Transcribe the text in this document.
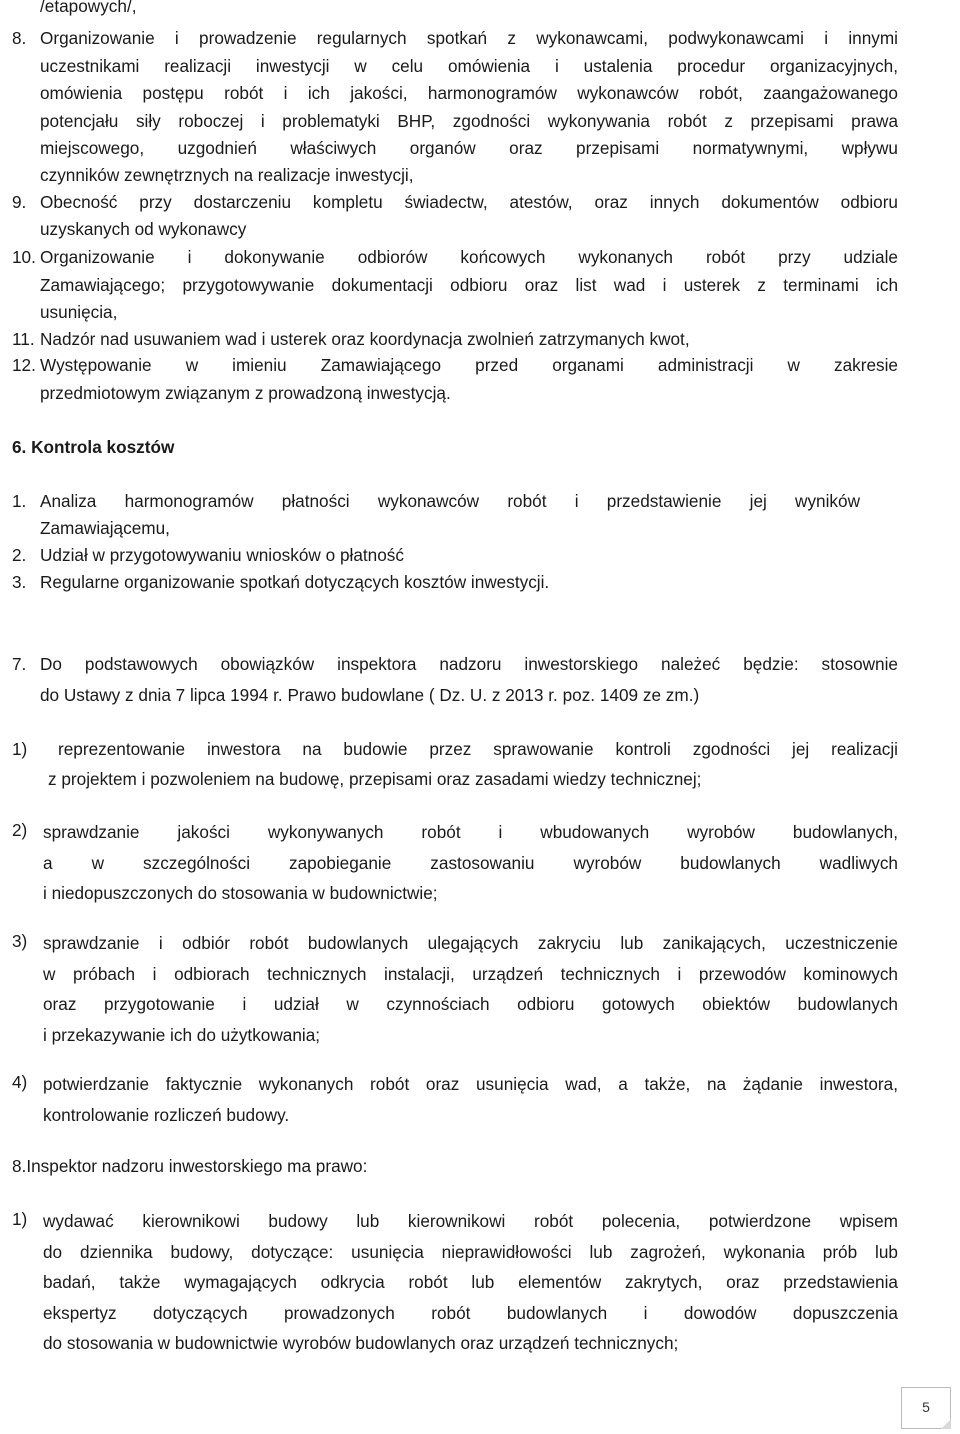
/etapowych/,
8. Organizowanie i prowadzenie regularnych spotkań z wykonawcami, podwykonawcami i innymi
uczestnikami realizacji inwestycji w celu omówienia i ustalenia procedur organizacyjnych,
omówienia postępu robót i ich jakości, harmonogramów wykonawców robót, zaangażowanego
potencjału siły roboczej i problematyki BHP, zgodności wykonywania robót z przepisami prawa
miejscowego, uzgodnień właściwych organów oraz przepisami normatywnymi, wpływu
czynników zewnętrznych na realizacje inwestycji,
9. Obecność przy dostarczeniu kompletu świadectw, atestów, oraz innych dokumentów odbioru
uzyskanych od wykonawcy
10. Organizowanie i dokonywanie odbiorów końcowych wykonanych robót przy udziale
Zamawiającego; przygotowywanie dokumentacji odbioru oraz list wad i usterek z terminami ich
usunięcia,
11. Nadzór nad usuwaniem wad i usterek oraz koordynacja zwolnień zatrzymanych kwot,
12. Występowanie w imieniu Zamawiającego przed organami administracji w zakresie
przedmiotowym związanym z prowadzoną inwestycją.
6. Kontrola kosztów
1. Analiza harmonogramów płatności wykonawców robót i przedstawienie jej wyników
Zamawiającemu,
2. Udział w przygotowywaniu wniosków o płatność
3. Regularne organizowanie spotkań dotyczących kosztów inwestycji.
7. Do podstawowych obowiązków inspektora nadzoru inwestorskiego należeć będzie: stosownie
do Ustawy z dnia 7 lipca 1994 r. Prawo budowlane ( Dz. U. z 2013 r. poz. 1409 ze zm.)
1) reprezentowanie inwestora na budowie przez sprawowanie kontroli zgodności jej realizacji
z projektem i pozwoleniem na budowę, przepisami oraz zasadami wiedzy technicznej;
2) sprawdzanie jakości wykonywanych robót i wbudowanych wyrobów budowlanych,
a w szczególności zapobieganie zastosowaniu wyrobów budowlanych wadliwych
i niedopuszczonych do stosowania w budownictwie;
3) sprawdzanie i odbiór robót budowlanych ulegających zakryciu lub zanikających, uczestniczenie
w próbach i odbiorach technicznych instalacji, urządzeń technicznych i przewodów kominowych
oraz przygotowanie i udział w czynnościach odbioru gotowych obiektów budowlanych
i przekazywanie ich do użytkowania;
4) potwierdzanie faktycznie wykonanych robót oraz usunięcia wad, a także, na żądanie inwestora,
kontrolowanie rozliczeń budowy.
8.Inspektor nadzoru inwestorskiego ma prawo:
1) wydawać kierownikowi budowy lub kierownikowi robót polecenia, potwierdzone wpisem
do dziennika budowy, dotyczące: usunięcia nieprawidłowości lub zagrożeń, wykonania prób lub
badań, także wymagających odkrycia robót lub elementów zakrytych, oraz przedstawienia
ekspertyz dotyczących prowadzonych robót budowlanych i dowodów dopuszczenia
do stosowania w budownictwie wyrobów budowlanych oraz urządzeń technicznych;
5
